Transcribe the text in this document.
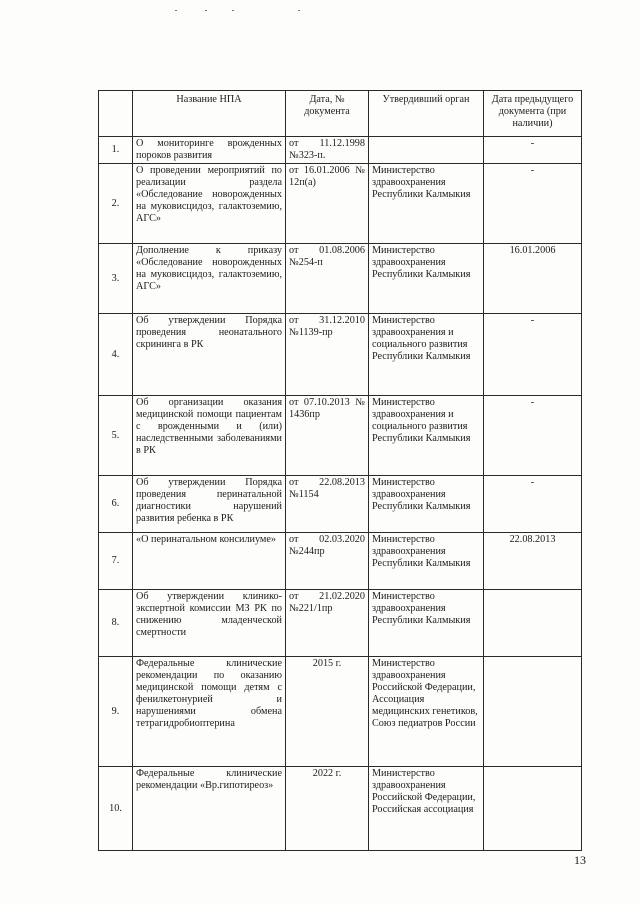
	Название НПА	Дата, № документа	Утвердивший орган	Дата предыдущего документа (при наличии)
1.	О мониторинге врожденных пороков развития	от 11.12.1998 №323-п.		-
2.	О проведении мероприятий по реализации раздела «Обследование новорожденных на муковисцидоз, галактоземию, АГС»	от 16.01.2006 № 12п(а)	Министерство здравоохранения Республики Калмыкия	-
3.	Дополнение к приказу «Обследование новорожденных на муковисцидоз, галактоземию, АГС»	от 01.08.2006 №254-п	Министерство здравоохранения Республики Калмыкия	16.01.2006
4.	Об утверждении Порядка проведения неонатального скрининга в РК	от 31.12.2010 №1139-пр	Министерство здравоохранения и социального развития Республики Калмыкия	-
5.	Об организации оказания медицинской помощи пациентам с врожденными и (или) наследственными заболеваниями в РК	от 07.10.2013 № 1436пр	Министерство здравоохранения и социального развития Республики Калмыкия	-
6.	Об утверждении Порядка проведения перинатальной диагностики нарушений развития ребенка в РК	от 22.08.2013 №1154	Министерство здравоохранения Республики Калмыкия	-
7.	«О перинатальном консилиуме»	от 02.03.2020 №244пр	Министерство здравоохранения Республики Калмыкия	22.08.2013
8.	Об утверждении клинико-экспертной комиссии МЗ РК по снижению младенческой смертности	от 21.02.2020 №221/1пр	Министерство здравоохранения Республики Калмыкия	
9.	Федеральные клинические рекомендации по оказанию медицинской помощи детям с фенилкетонурией и нарушениями обмена тетрагидробиоптерина	2015 г.	Министерство здравоохранения Российской Федерации, Ассоциация медицинских генетиков, Союз педиатров России	
10.	Федеральные клинические рекомендации «Вр.гипотиреоз»	2022 г.	Министерство здравоохранения Российской Федерации, Российская ассоциация	
13
